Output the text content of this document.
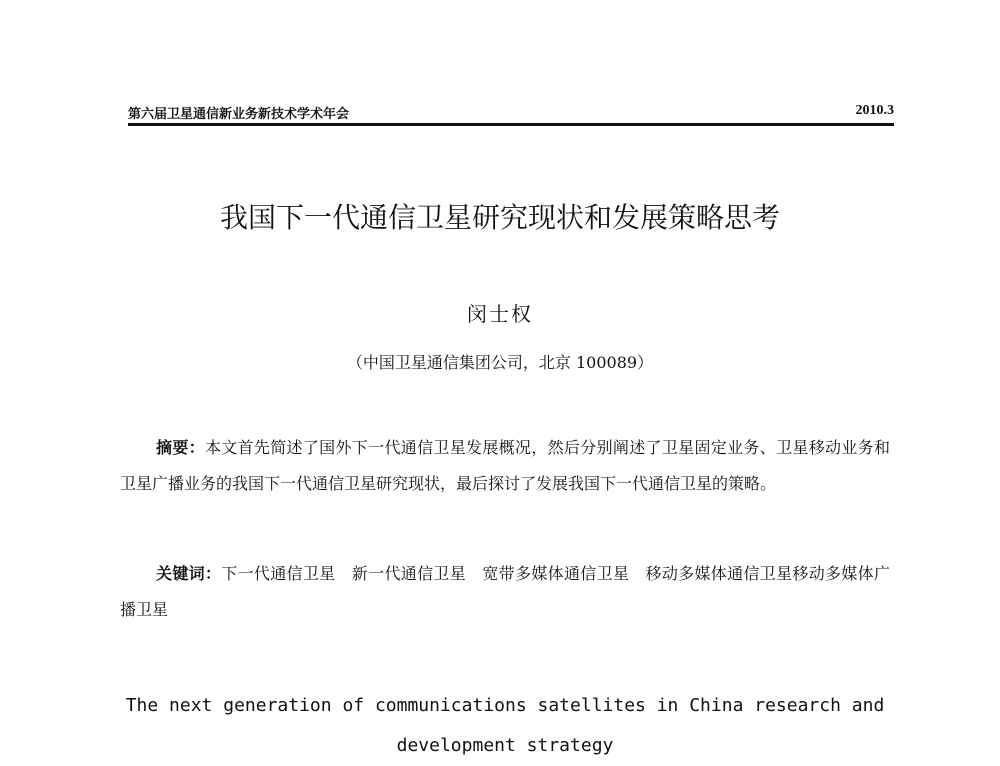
第六届卫星通信新业务新技术学术年会	2010.3
我国下一代通信卫星研究现状和发展策略思考
闵士权
（中国卫星通信集团公司，北京 100089）
摘要：本文首先简述了国外下一代通信卫星发展概况，然后分别阐述了卫星固定业务、卫星移动业务和卫星广播业务的我国下一代通信卫星研究现状，最后探讨了发展我国下一代通信卫星的策略。
关键词：下一代通信卫星　新一代通信卫星　宽带多媒体通信卫星　移动多媒体通信卫星移动多媒体广播卫星
The next generation of communications satellites in China research and development strategy
